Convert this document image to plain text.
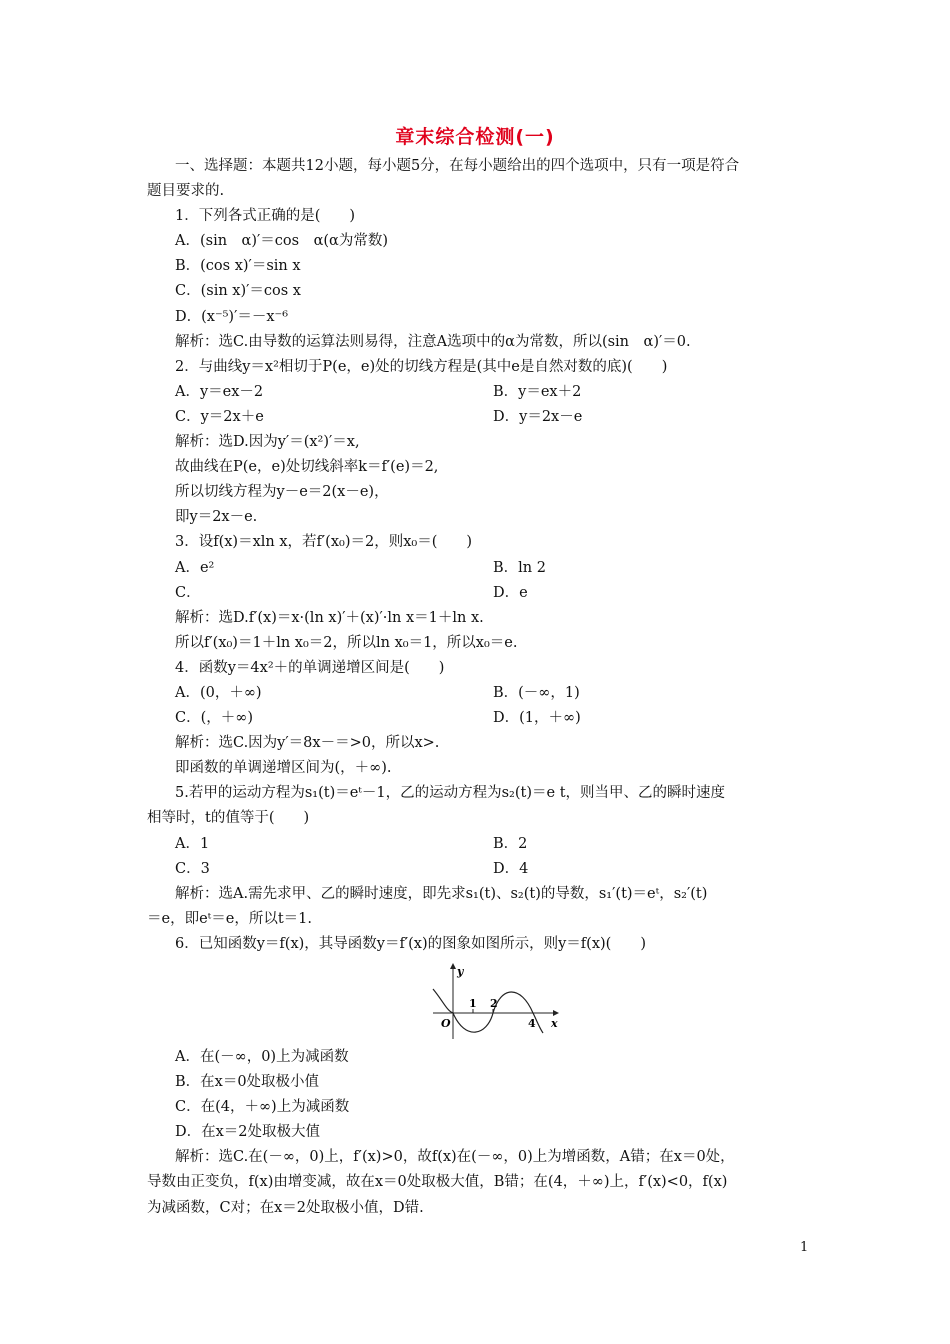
章末综合检测(一)
一、选择题：本题共12小题，每小题5分，在每小题给出的四个选项中，只有一项是符合
题目要求的.
1．下列各式正确的是(　　)
A．(sin　α)′＝cos　α(α为常数)
B．(cos x)′＝sin x
C．(sin x)′＝cos x
D．(x⁻⁵)′＝－x⁻⁶
解析：选C.由导数的运算法则易得，注意A选项中的α为常数，所以(sin　α)′＝0.
2．与曲线y＝x²相切于P(e，e)处的切线方程是(其中e是自然对数的底)(　　)
A．y＝ex－2	B．y＝ex＋2
C．y＝2x＋e	D．y＝2x－e
解析：选D.因为y′＝(x²)′＝x,
故曲线在P(e，e)处切线斜率k＝f′(e)＝2,
所以切线方程为y－e＝2(x－e)，
即y＝2x－e.
3．设f(x)＝xln x，若f′(x₀)＝2，则x₀＝(　　)
A．e²	B．ln 2
C．	D．e
解析：选D.f′(x)＝x·(ln x)′＋(x)′·ln x＝1＋ln x.
所以f′(x₀)＝1＋ln x₀＝2，所以ln x₀＝1，所以x₀＝e.
4．函数y＝4x²＋的单调递增区间是(　　)
A．(0，＋∞)	B．(－∞，1)
C．(，＋∞)	D．(1，＋∞)
解析：选C.因为y′＝8x－＝>0，所以x>.
即函数的单调递增区间为(，＋∞).
5.若甲的运动方程为s₁(t)＝eᵗ－1，乙的运动方程为s₂(t)＝e t，则当甲、乙的瞬时速度
相等时，t的值等于(　　)
A．1	B．2
C．3	D．4
解析：选A.需先求甲、乙的瞬时速度，即先求s₁(t)、s₂(t)的导数，s₁′(t)＝eᵗ，s₂′(t)
＝e，即eᵗ＝e，所以t＝1.
6．已知函数y＝f(x)，其导函数y＝f′(x)的图象如图所示，则y＝f(x)(　　)
y
x
O
1 2
4
A．在(－∞，0)上为减函数
B．在x＝0处取极小值
C．在(4，＋∞)上为减函数
D．在x＝2处取极大值
解析：选C.在(－∞，0)上，f′(x)>0，故f(x)在(－∞，0)上为增函数，A错；在x＝0处，
导数由正变负，f(x)由增变减，故在x＝0处取极大值，B错；在(4，＋∞)上，f′(x)<0，f(x)
为减函数，C对；在x＝2处取极小值，D错.
1
